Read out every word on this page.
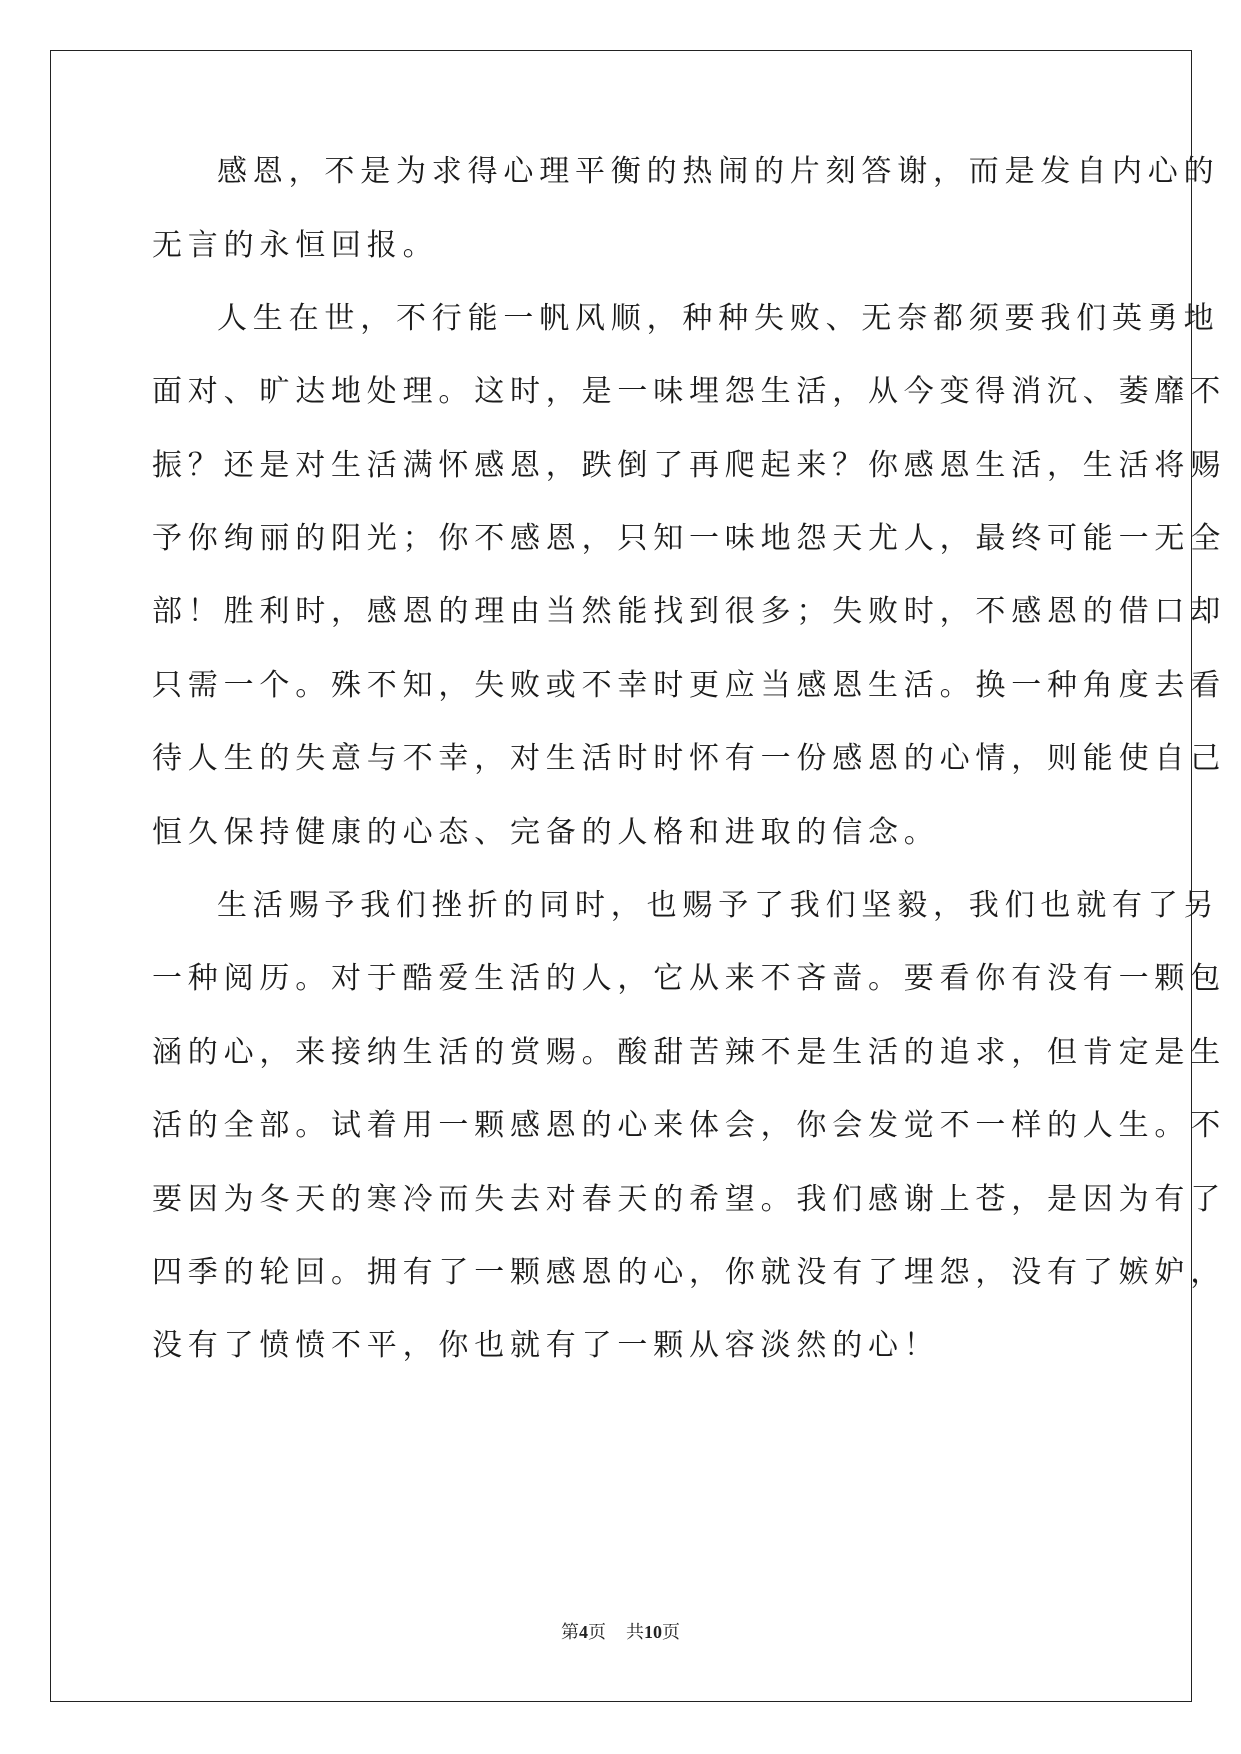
感恩，不是为求得心理平衡的热闹的片刻答谢，而是发自内心的
无言的永恒回报。
人生在世，不行能一帆风顺，种种失败、无奈都须要我们英勇地
面对、旷达地处理。这时，是一味埋怨生活，从今变得消沉、萎靡不
振？还是对生活满怀感恩，跌倒了再爬起来？你感恩生活，生活将赐
予你绚丽的阳光；你不感恩，只知一味地怨天尤人，最终可能一无全
部！胜利时，感恩的理由当然能找到很多；失败时，不感恩的借口却
只需一个。殊不知，失败或不幸时更应当感恩生活。换一种角度去看
待人生的失意与不幸，对生活时时怀有一份感恩的心情，则能使自己
恒久保持健康的心态、完备的人格和进取的信念。
生活赐予我们挫折的同时，也赐予了我们坚毅，我们也就有了另
一种阅历。对于酷爱生活的人，它从来不吝啬。要看你有没有一颗包
涵的心，来接纳生活的赏赐。酸甜苦辣不是生活的追求，但肯定是生
活的全部。试着用一颗感恩的心来体会，你会发觉不一样的人生。不
要因为冬天的寒冷而失去对春天的希望。我们感谢上苍，是因为有了
四季的轮回。拥有了一颗感恩的心，你就没有了埋怨，没有了嫉妒，
没有了愤愤不平，你也就有了一颗从容淡然的心！
第4页 共10页
